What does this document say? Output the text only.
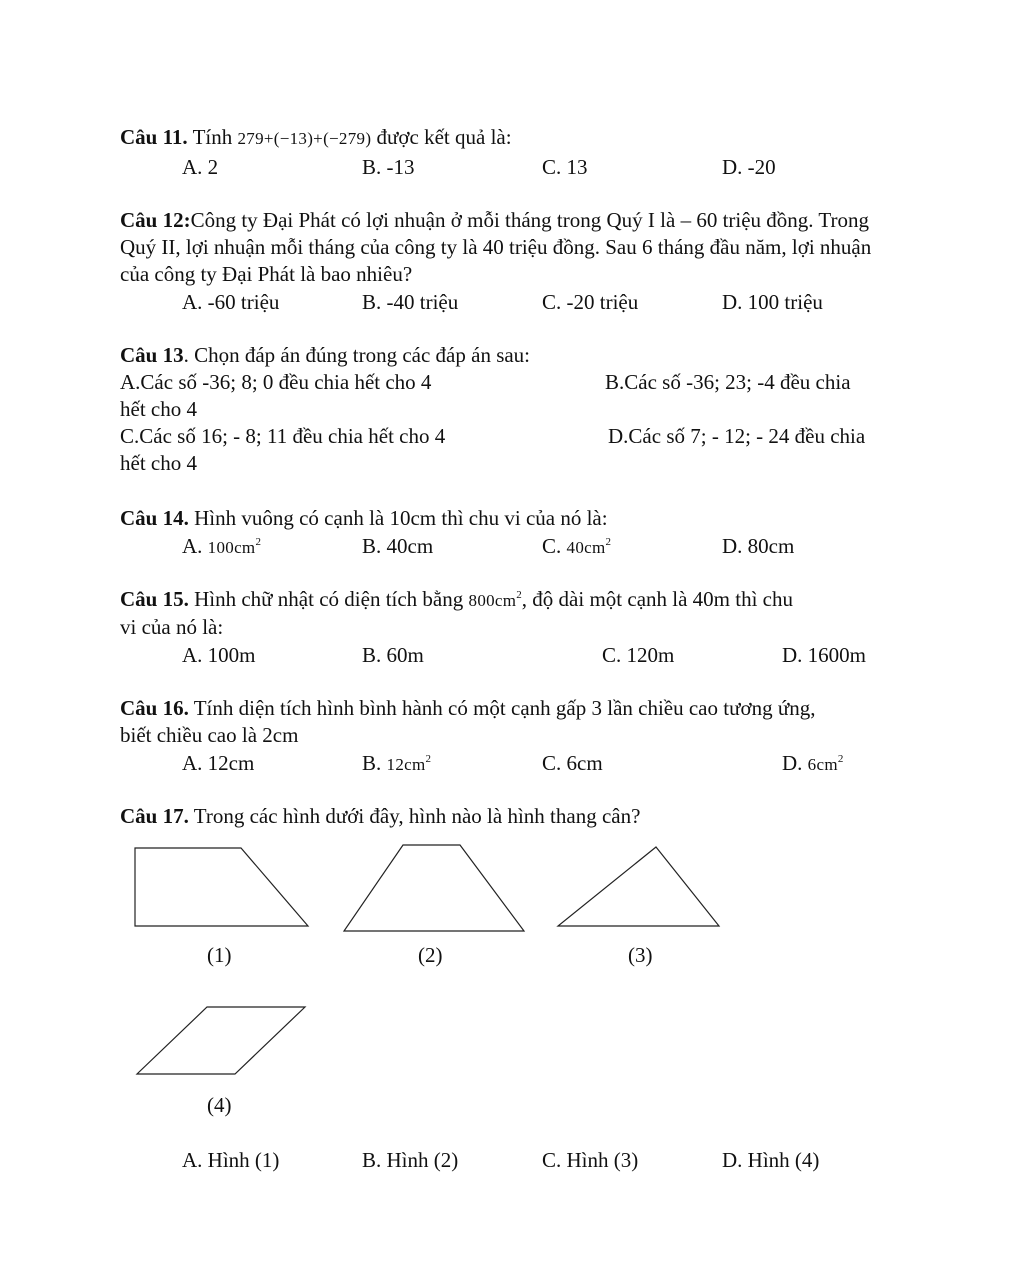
Câu 11. Tính 279+(−13)+(−279) được kết quả là:
A. 2	B. -13	C. 13	D. -20
Câu 12:Công ty Đại Phát có lợi nhuận ở mỗi tháng trong Quý I là – 60 triệu đồng. Trong Quý II, lợi nhuận mỗi tháng của công ty là 40 triệu đồng. Sau 6 tháng đầu năm, lợi nhuận của công ty Đại Phát là bao nhiêu?
A. -60 triệu	B. -40 triệu	C. -20 triệu	D. 100 triệu
Câu 13. Chọn đáp án đúng trong các đáp án sau:
A.Các số -36; 8; 0 đều chia hết cho 4	B.Các số -36; 23; -4 đều chia
hết cho 4
C.Các số 16; - 8; 11 đều chia hết cho 4	D.Các số 7; - 12; - 24 đều chia
hết cho 4
Câu 14. Hình vuông có cạnh là 10cm thì chu vi của nó là:
A. $100cm^2$	B. 40cm	C. $40cm^2$	D. 80cm
Câu 15. Hình chữ nhật có diện tích bằng $800cm^2$, độ dài một cạnh là 40m thì chu
vi của nó là:
A. 100m	B. 60m	C. 120m	D. 1600m
Câu 16. Tính diện tích hình bình hành có một cạnh gấp 3 lần chiều cao tương ứng,
biết chiều cao là 2cm
A. 12cm	B. $12cm^2$	C. 6cm	D. $6cm^2$
Câu 17. Trong các hình dưới đây, hình nào là hình thang cân?
(1)	(2)	(3)
(4)
A. Hình (1)	B. Hình (2)	C. Hình (3)	D. Hình (4)
